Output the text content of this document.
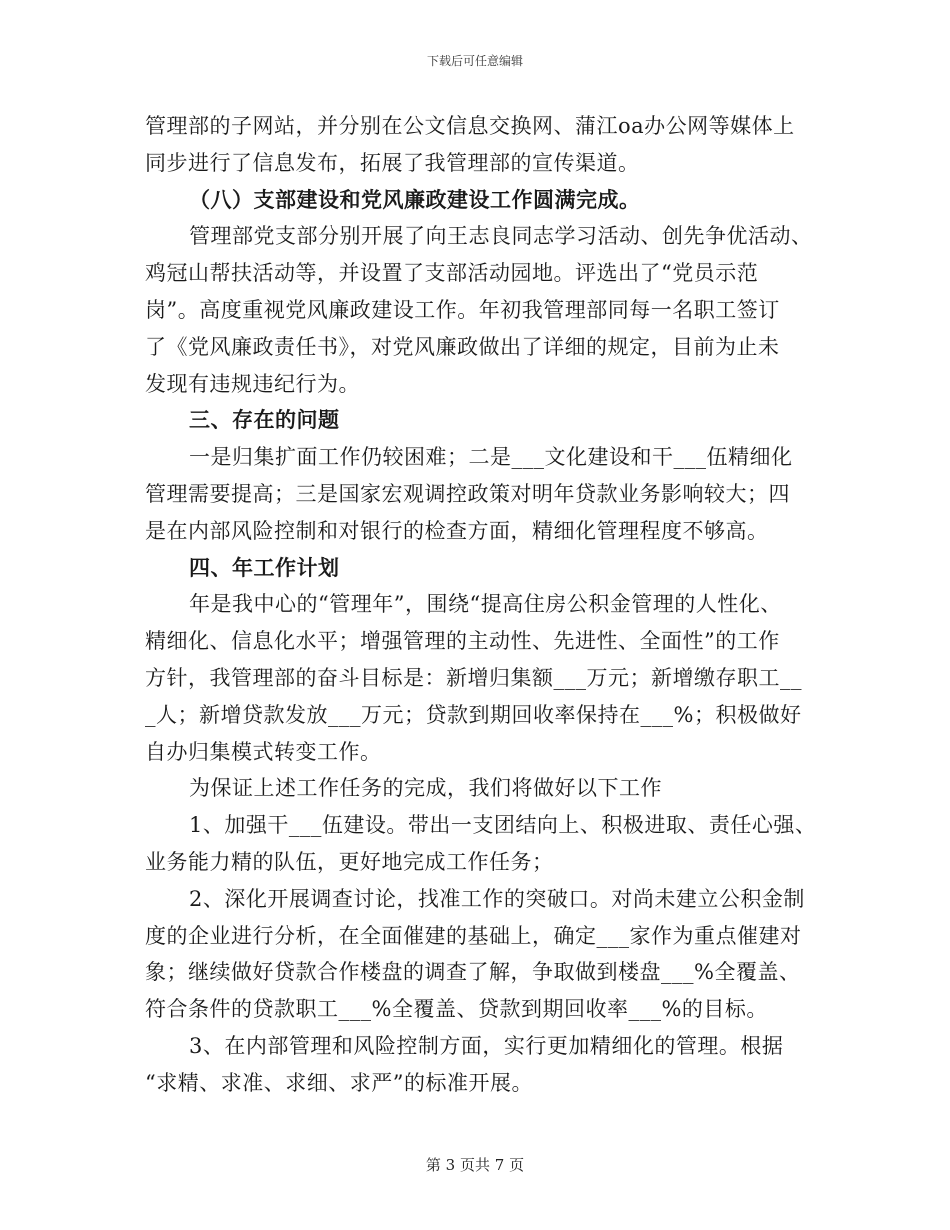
下载后可任意编辑
管理部的子网站，并分别在公文信息交换网、蒲江oa办公网等媒体上
同步进行了信息发布，拓展了我管理部的宣传渠道。
（八）支部建设和党风廉政建设工作圆满完成。
管理部党支部分别开展了向王志良同志学习活动、创先争优活动、
鸡冠山帮扶活动等，并设置了支部活动园地。评选出了“党员示范
岗”。高度重视党风廉政建设工作。年初我管理部同每一名职工签订
了《党风廉政责任书》，对党风廉政做出了详细的规定，目前为止未
发现有违规违纪行为。
三、存在的问题
一是归集扩面工作仍较困难；二是___文化建设和干___伍精细化
管理需要提高；三是国家宏观调控政策对明年贷款业务影响较大；四
是在内部风险控制和对银行的检查方面，精细化管理程度不够高。
四、年工作计划
年是我中心的“管理年”，围绕“提高住房公积金管理的人性化、
精细化、信息化水平；增强管理的主动性、先进性、全面性”的工作
方针，我管理部的奋斗目标是：新增归集额___万元；新增缴存职工__
_人；新增贷款发放___万元；贷款到期回收率保持在___%；积极做好
自办归集模式转变工作。
为保证上述工作任务的完成，我们将做好以下工作
1、加强干___伍建设。带出一支团结向上、积极进取、责任心强、
业务能力精的队伍，更好地完成工作任务；
2、深化开展调查讨论，找准工作的突破口。对尚未建立公积金制
度的企业进行分析，在全面催建的基础上，确定___家作为重点催建对
象；继续做好贷款合作楼盘的调查了解，争取做到楼盘___%全覆盖、
符合条件的贷款职工___%全覆盖、贷款到期回收率___%的目标。
3、在内部管理和风险控制方面，实行更加精细化的管理。根据
“求精、求准、求细、求严”的标准开展。
第 3 页共 7 页
